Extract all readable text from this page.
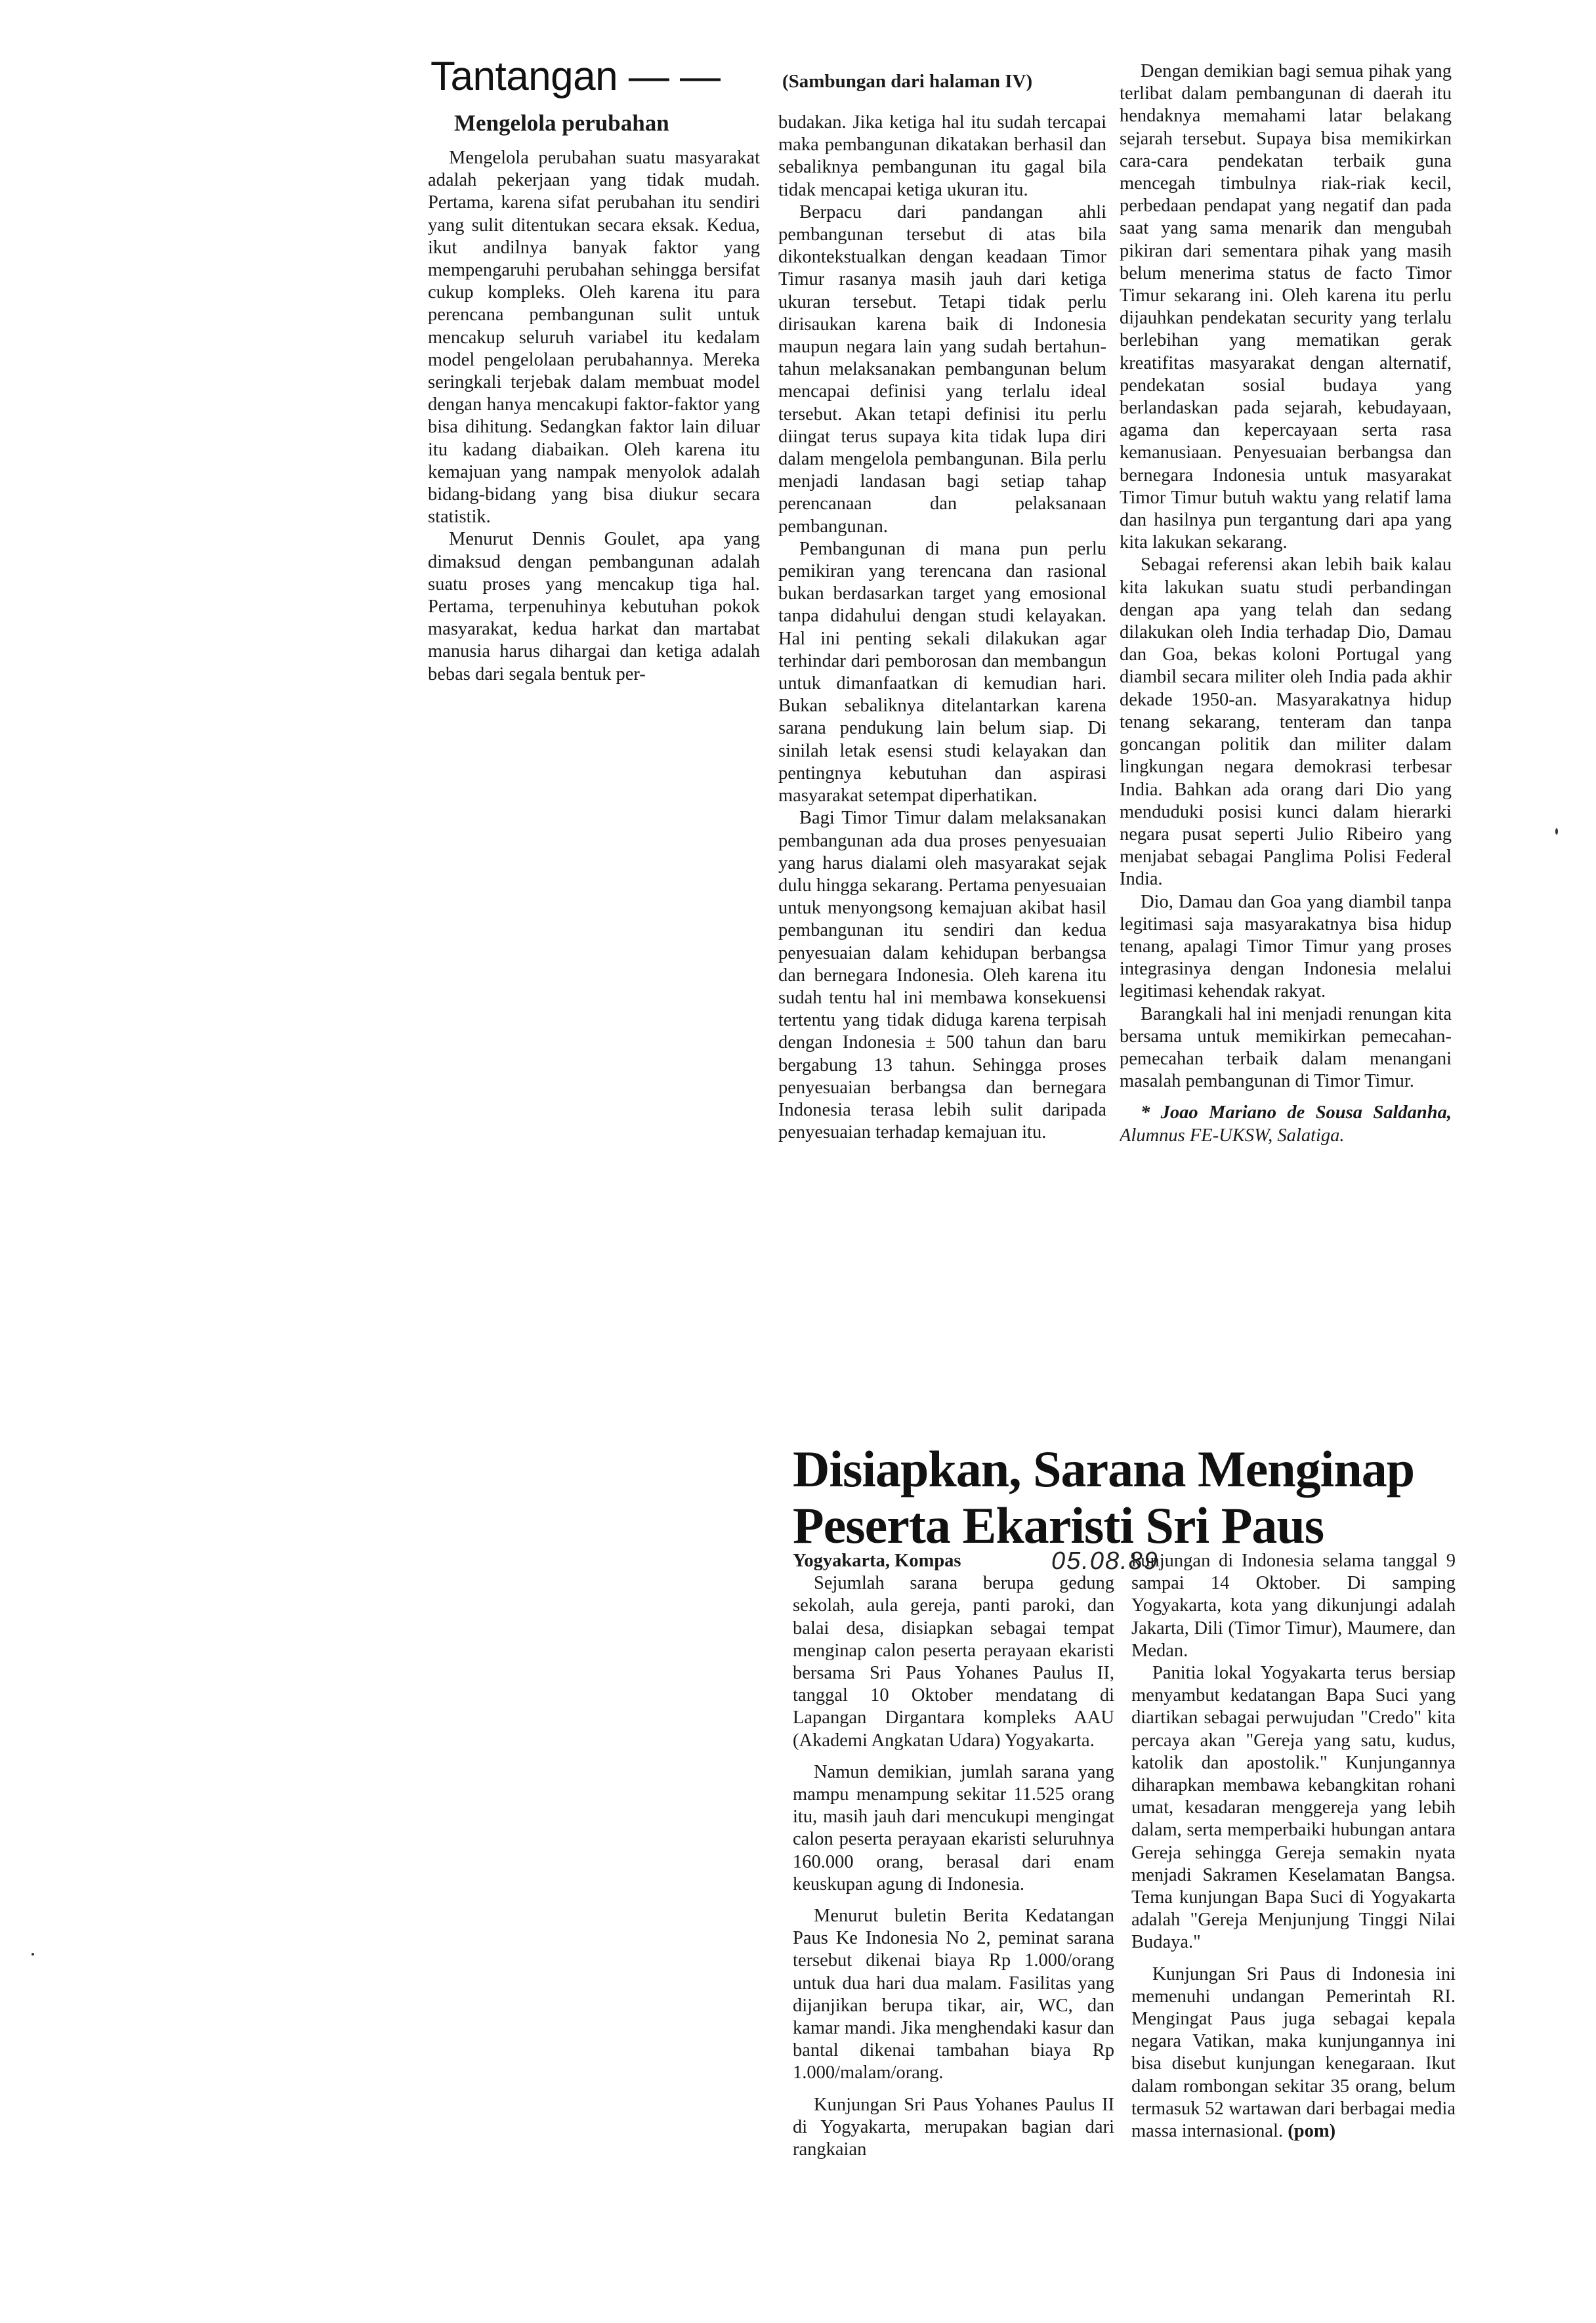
Tantangan — —	(Sambungan dari halaman IV)
Mengelola perubahan

Mengelola perubahan suatu masyarakat adalah pekerjaan yang tidak mudah. Pertama, karena sifat perubahan itu sendiri yang sulit ditentukan secara eksak. Kedua, ikut andilnya banyak faktor yang mempengaruhi perubahan sehingga bersifat cukup kompleks. Oleh karena itu para perencana pembangunan sulit untuk mencakup seluruh variabel itu kedalam model pengelolaan perubahannya. Mereka seringkali terjebak dalam membuat model dengan hanya mencakupi faktor-faktor yang bisa dihitung. Sedangkan faktor lain diluar itu kadang diabaikan. Oleh karena itu kemajuan yang nampak menyolok adalah bidang-bidang yang bisa diukur secara statistik.

Menurut Dennis Goulet, apa yang dimaksud dengan pembangunan adalah suatu proses yang mencakup tiga hal. Pertama, terpenuhinya kebutuhan pokok masyarakat, kedua harkat dan martabat manusia harus dihargai dan ketiga adalah bebas dari segala bentuk per-

budakan. Jika ketiga hal itu sudah tercapai maka pembangunan dikatakan berhasil dan sebaliknya pembangunan itu gagal bila tidak mencapai ketiga ukuran itu.

Berpacu dari pandangan ahli pembangunan tersebut di atas bila dikontekstualkan dengan keadaan Timor Timur rasanya masih jauh dari ketiga ukuran tersebut. Tetapi tidak perlu dirisaukan karena baik di Indonesia maupun negara lain yang sudah bertahun-tahun melaksanakan pembangunan belum mencapai definisi yang terlalu ideal tersebut. Akan tetapi definisi itu perlu diingat terus supaya kita tidak lupa diri dalam mengelola pembangunan. Bila perlu menjadi landasan bagi setiap tahap perencanaan dan pelaksanaan pembangunan.

Pembangunan di mana pun perlu pemikiran yang terencana dan rasional bukan berdasarkan target yang emosional tanpa didahului dengan studi kelayakan. Hal ini penting sekali dilakukan agar terhindar dari pemborosan dan membangun untuk dimanfaatkan di kemudian hari. Bukan sebaliknya ditelantarkan karena sarana pendukung lain belum siap. Di sinilah letak esensi studi kelayakan dan pentingnya kebutuhan dan aspirasi masyarakat setempat diperhatikan.

Bagi Timor Timur dalam melaksanakan pembangunan ada dua proses penyesuaian yang harus dialami oleh masyarakat sejak dulu hingga sekarang. Pertama penyesuaian untuk menyongsong kemajuan akibat hasil pembangunan itu sendiri dan kedua penyesuaian dalam kehidupan berbangsa dan bernegara Indonesia. Oleh karena itu sudah tentu hal ini membawa konsekuensi tertentu yang tidak diduga karena terpisah dengan Indonesia ± 500 tahun dan baru bergabung 13 tahun. Sehingga proses penyesuaian berbangsa dan bernegara Indonesia terasa lebih sulit daripada penyesuaian terhadap kemajuan itu.

Dengan demikian bagi semua pihak yang terlibat dalam pembangunan di daerah itu hendaknya memahami latar belakang sejarah tersebut. Supaya bisa memikirkan cara-cara pendekatan terbaik guna mencegah timbulnya riak-riak kecil, perbedaan pendapat yang negatif dan pada saat yang sama menarik dan mengubah pikiran dari sementara pihak yang masih belum menerima status de facto Timor Timur sekarang ini. Oleh karena itu perlu dijauhkan pendekatan security yang terlalu berlebihan yang mematikan gerak kreatifitas masyarakat dengan alternatif, pendekatan sosial budaya yang berlandaskan pada sejarah, kebudayaan, agama dan kepercayaan serta rasa kemanusiaan. Penyesuaian berbangsa dan bernegara Indonesia untuk masyarakat Timor Timur butuh waktu yang relatif lama dan hasilnya pun tergantung dari apa yang kita lakukan sekarang.

Sebagai referensi akan lebih baik kalau kita lakukan suatu studi perbandingan dengan apa yang telah dan sedang dilakukan oleh India terhadap Dio, Damau dan Goa, bekas koloni Portugal yang diambil secara militer oleh India pada akhir dekade 1950-an. Masyarakatnya hidup tenang sekarang, tenteram dan tanpa goncangan politik dan militer dalam lingkungan negara demokrasi terbesar India. Bahkan ada orang dari Dio yang menduduki posisi kunci dalam hierarki negara pusat seperti Julio Ribeiro yang menjabat sebagai Panglima Polisi Federal India.

Dio, Damau dan Goa yang diambil tanpa legitimasi saja masyarakatnya bisa hidup tenang, apalagi Timor Timur yang proses integrasinya dengan Indonesia melalui legitimasi kehendak rakyat.

Barangkali hal ini menjadi renungan kita bersama untuk memikirkan pemecahan-pemecahan terbaik dalam menangani masalah pembangunan di Timor Timur.

* Joao Mariano de Sousa Saldanha, Alumnus FE-UKSW, Salatiga.

Disiapkan, Sarana Menginap Peserta Ekaristi Sri Paus
05.08.89

Yogyakarta, Kompas

Sejumlah sarana berupa gedung sekolah, aula gereja, panti paroki, dan balai desa, disiapkan sebagai tempat menginap calon peserta perayaan ekaristi bersama Sri Paus Yohanes Paulus II, tanggal 10 Oktober mendatang di Lapangan Dirgantara kompleks AAU (Akademi Angkatan Udara) Yogyakarta.

Namun demikian, jumlah sarana yang mampu menampung sekitar 11.525 orang itu, masih jauh dari mencukupi mengingat calon peserta perayaan ekaristi seluruhnya 160.000 orang, berasal dari enam keuskupan agung di Indonesia.

Menurut buletin Berita Kedatangan Paus Ke Indonesia No 2, peminat sarana tersebut dikenai biaya Rp 1.000/orang untuk dua hari dua malam. Fasilitas yang dijanjikan berupa tikar, air, WC, dan kamar mandi. Jika menghendaki kasur dan bantal dikenai tambahan biaya Rp 1.000/malam/orang.

Kunjungan Sri Paus Yohanes Paulus II di Yogyakarta, merupakan bagian dari rangkaian

kunjungan di Indonesia selama tanggal 9 sampai 14 Oktober. Di samping Yogyakarta, kota yang dikunjungi adalah Jakarta, Dili (Timor Timur), Maumere, dan Medan.

Panitia lokal Yogyakarta terus bersiap menyambut kedatangan Bapa Suci yang diartikan sebagai perwujudan "Credo" kita percaya akan "Gereja yang satu, kudus, katolik dan apostolik." Kunjungannya diharapkan membawa kebangkitan rohani umat, kesadaran menggereja yang lebih dalam, serta memperbaiki hubungan antara Gereja sehingga Gereja semakin nyata menjadi Sakramen Keselamatan Bangsa. Tema kunjungan Bapa Suci di Yogyakarta adalah "Gereja Menjunjung Tinggi Nilai Budaya."

Kunjungan Sri Paus di Indonesia ini memenuhi undangan Pemerintah RI. Mengingat Paus juga sebagai kepala negara Vatikan, maka kunjungannya ini bisa disebut kunjungan kenegaraan. Ikut dalam rombongan sekitar 35 orang, belum termasuk 52 wartawan dari berbagai media massa internasional. (pom)
